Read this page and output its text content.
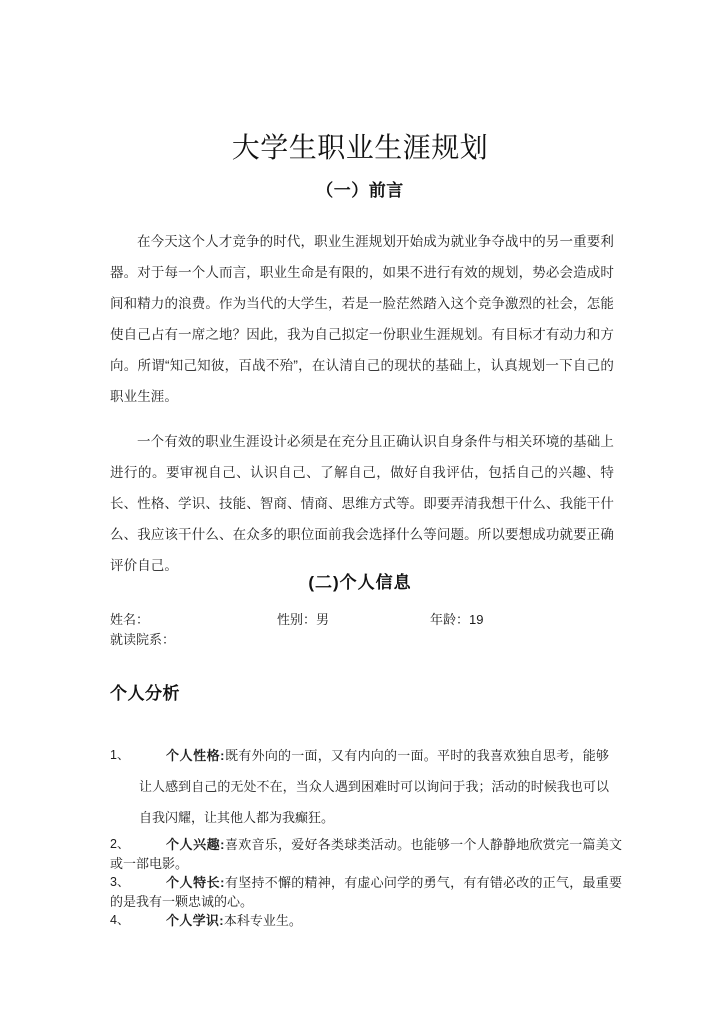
大学生职业生涯规划
（一）前言

在今天这个人才竞争的时代，职业生涯规划开始成为就业争夺战中的另一重要利器。对于每一个人而言，职业生命是有限的，如果不进行有效的规划，势必会造成时间和精力的浪费。作为当代的大学生，若是一脸茫然踏入这个竞争激烈的社会，怎能使自己占有一席之地？因此，我为自己拟定一份职业生涯规划。有目标才有动力和方向。所谓“知己知彼，百战不殆”，在认清自己的现状的基础上，认真规划一下自己的职业生涯。

一个有效的职业生涯设计必须是在充分且正确认识自身条件与相关环境的基础上进行的。要审视自己、认识自己、了解自己，做好自我评估，包括自己的兴趣、特长、性格、学识、技能、智商、情商、思维方式等。即要弄清我想干什么、我能干什么、我应该干什么、在众多的职位面前我会选择什么等问题。所以要想成功就要正确评价自己。

(二)个人信息
姓名：	性别：男	年龄：19
就读院系：
个人分析
1、	个人性格:既有外向的一面，又有内向的一面。平时的我喜欢独自思考，能够让人感到自己的无处不在，当众人遇到困难时可以询问于我；活动的时候我也可以自我闪耀，让其他人都为我癫狂。
2、	个人兴趣:喜欢音乐，爱好各类球类活动。也能够一个人静静地欣赏完一篇美文或一部电影。
3、	个人特长:有坚持不懈的精神，有虚心问学的勇气，有有错必改的正气，最重要的是我有一颗忠诚的心。
4、	个人学识:本科专业生。
